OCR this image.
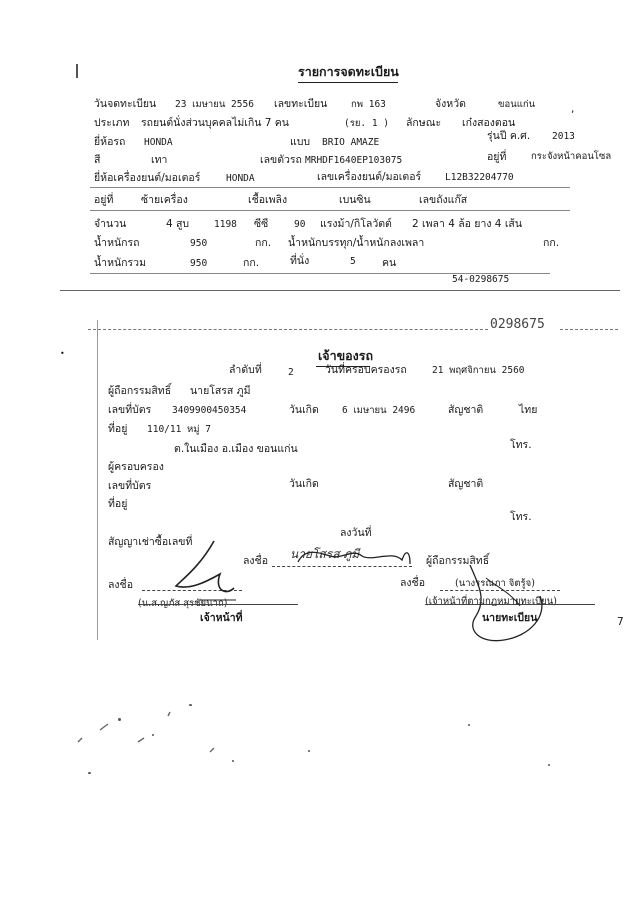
รายการจดทะเบียน
วันจดทะเบียน 23 เมษายน 2556 เลขทะเบียน กพ 163	จังหวัด	ขอนแก่น	,
ประเภท รถยนต์นั่งส่วนบุคคลไม่เกิน 7 คน	(รย. 1 ) ลักษณะ เก๋งสองตอน
ยี่ห้อรถ HONDA	แบบ BRIO AMAZE
รุ่นปี ค.ศ. 2013
สี	เทา	เลขตัวรถ MRHDF1640EP103075	อยู่ที่	กระจังหน้าคอนโซล
ยี่ห้อเครื่องยนต์/มอเตอร์	HONDA	เลขเครื่องยนต์/มอเตอร์	L12B32204770
อยู่ที่	ซ้ายเครื่อง	เชื้อเพลิง	เบนซิน	เลขถังแก๊ส
จำนวน	4 สูบ	1198 ซีซี	90 แรงม้า/กิโลวัตต์ 2 เพลา 4 ล้อ ยาง 4 เส้น
น้ำหนักรถ	950	กก. น้ำหนักบรรทุก/น้ำหนักลงเพลา	กก.
น้ำหนักรวม	950	กก.	ที่นั่ง	5	คน
54-0298675
0298675
•	เจ้าของรถ
ลำดับที่	2	วันที่ครอบครองรถ	21 พฤศจิกายน 2560
ผู้ถือกรรมสิทธิ์ นายโสรส ภูมี
เลขที่บัตร 3409900450354	วันเกิด 6 เมษายน 2496	สัญชาติ	ไทย
ที่อยู่ 110/11 หมู่ 7
ต.ในเมือง อ.เมือง ขอนแก่น	โทร.
ผู้ครอบครอง
เลขที่บัตร	วันเกิด	สัญชาติ
ที่อยู่
โทร.
สัญญาเช่าซื้อเลขที่
ลงวันที่
ลงชื่อ นายโสรส ภูมี	ผู้ถือกรรมสิทธิ์
ลงชื่อ
(น.ส.ญภัส สุรชัยนาถ)
เจ้าหน้าที่
ลงชื่อ	(นางรรณภา จิตรู้จ)
(เจ้าหน้าที่ตามกฎหมายทะเบียน)
นายทะเบียน	7
